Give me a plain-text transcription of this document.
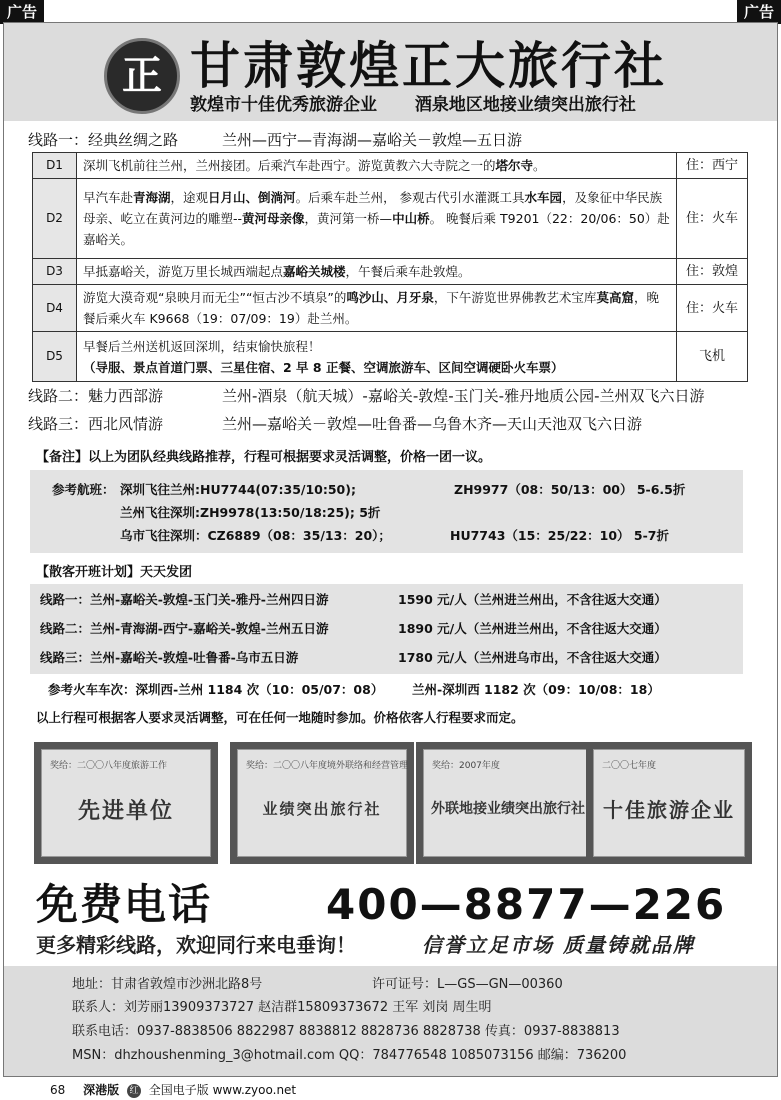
广告	广告
正 甘肃敦煌正大旅行社
敦煌市十佳优秀旅游企业 酒泉地区地接业绩突出旅行社
线路一：经典丝绸之路	兰州—西宁—青海湖—嘉峪关－敦煌—五日游
D1	深圳飞机前往兰州，兰州接团。后乘汽车赴西宁。游览黄教六大寺院之一的塔尔寺。	住：西宁
D2	早汽车赴青海湖，途观日月山、倒淌河。后乘车赴兰州， 参观古代引水灌溉工具水车园，及象征中华民族母亲、屹立在黄河边的雕塑--黄河母亲像，黄河第一桥—中山桥。 晚餐后乘 T9201（22：20/06：50）赴嘉峪关。	住：火车
D3	早抵嘉峪关，游览万里长城西端起点嘉峪关城楼，午餐后乘车赴敦煌。	住：敦煌
D4	游览大漠奇观“泉映月而无尘”“恒古沙不填泉”的鸣沙山、月牙泉，下午游览世界佛教艺术宝库莫高窟，晚餐后乘火车 K9668（19：07/09：19）赴兰州。	住：火车
D5	早餐后兰州送机返回深圳，结束愉快旅程！
（导服、景点首道门票、三星住宿、2 早 8 正餐、空调旅游车、区间空调硬卧火车票）	飞机
线路二：魅力西部游	兰州-酒泉（航天城）-嘉峪关-敦煌-玉门关-雅丹地质公园-兰州双飞六日游
线路三：西北风情游	兰州—嘉峪关－敦煌—吐鲁番—乌鲁木齐—天山天池双飞六日游
【备注】以上为团队经典线路推荐，行程可根据要求灵活调整，价格一团一议。
参考航班： 深圳飞往兰州:HU7744(07:35/10:50);	ZH9977（08：50/13：00） 5-6.5折
兰州飞往深圳:ZH9978(13:50/18:25); 5折
乌市飞往深圳：CZ6889（08：35/13：20）；	HU7743（15：25/22：10） 5-7折
【散客开班计划】天天发团
线路一：兰州-嘉峪关-敦煌-玉门关-雅丹-兰州四日游	1590 元/人（兰州进兰州出，不含往返大交通）
线路二：兰州-青海湖-西宁-嘉峪关-敦煌-兰州五日游	1890 元/人（兰州进兰州出，不含往返大交通）
线路三：兰州-嘉峪关-敦煌-吐鲁番-乌市五日游	1780 元/人（兰州进乌市出，不含往返大交通）
参考火车车次：深圳西-兰州 1184 次（10：05/07：08） 兰州-深圳西 1182 次（09：10/08：18）
以上行程可根据客人要求灵活调整，可在任何一地随时参加。价格依客人行程要求而定。
奖给：二〇〇八年度旅游工作
先进单位
奖给：二〇〇八年度境外联络和经营管理
业绩突出旅行社
奖给：2007年度
外联地接业绩突出旅行社
二〇〇七年度
十佳旅游企业
免费电话	400—8877—226
更多精彩线路，欢迎同行来电垂询！	信誉立足市场 质量铸就品牌
地址：甘肃省敦煌市沙洲北路8号	许可证号：L—GS—GN—00360
联系人：刘芳丽13909373727 赵洁群15809373672 王军 刘岗 周生明
联系电话：0937-8838506 8822987 8838812 8828736 8828738 传真：0937-8838813
MSN：dhzhoushenming_3@hotmail.com QQ：784776548 1085073156 邮编：736200
68 深港版 红 全国电子版 www.zyoo.net
